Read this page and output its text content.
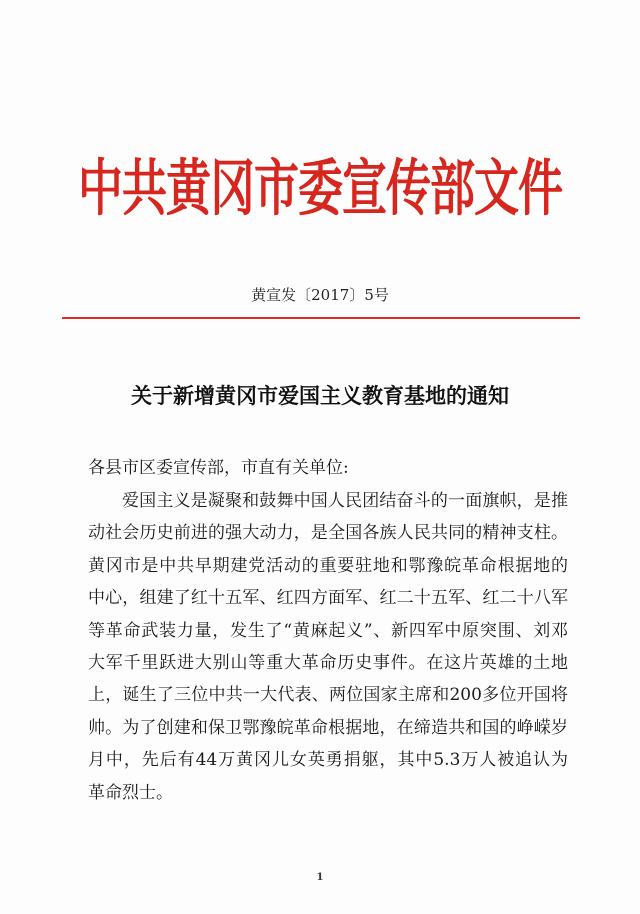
中共黄冈市委宣传部文件
黄宣发〔2017〕5号
关于新增黄冈市爱国主义教育基地的通知
各县市区委宣传部，市直有关单位:
爱国主义是凝聚和鼓舞中国人民团结奋斗的一面旗帜，是推
动社会历史前进的强大动力，是全国各族人民共同的精神支柱。
黄冈市是中共早期建党活动的重要驻地和鄂豫皖革命根据地的
中心，组建了红十五军、红四方面军、红二十五军、红二十八军
等革命武装力量，发生了“黄麻起义”、新四军中原突围、刘邓
大军千里跃进大别山等重大革命历史事件。在这片英雄的土地
上，诞生了三位中共一大代表、两位国家主席和200多位开国将
帅。为了创建和保卫鄂豫皖革命根据地，在缔造共和国的峥嵘岁
月中，先后有44万黄冈儿女英勇捐躯，其中5.3万人被追认为
革命烈士。
1
